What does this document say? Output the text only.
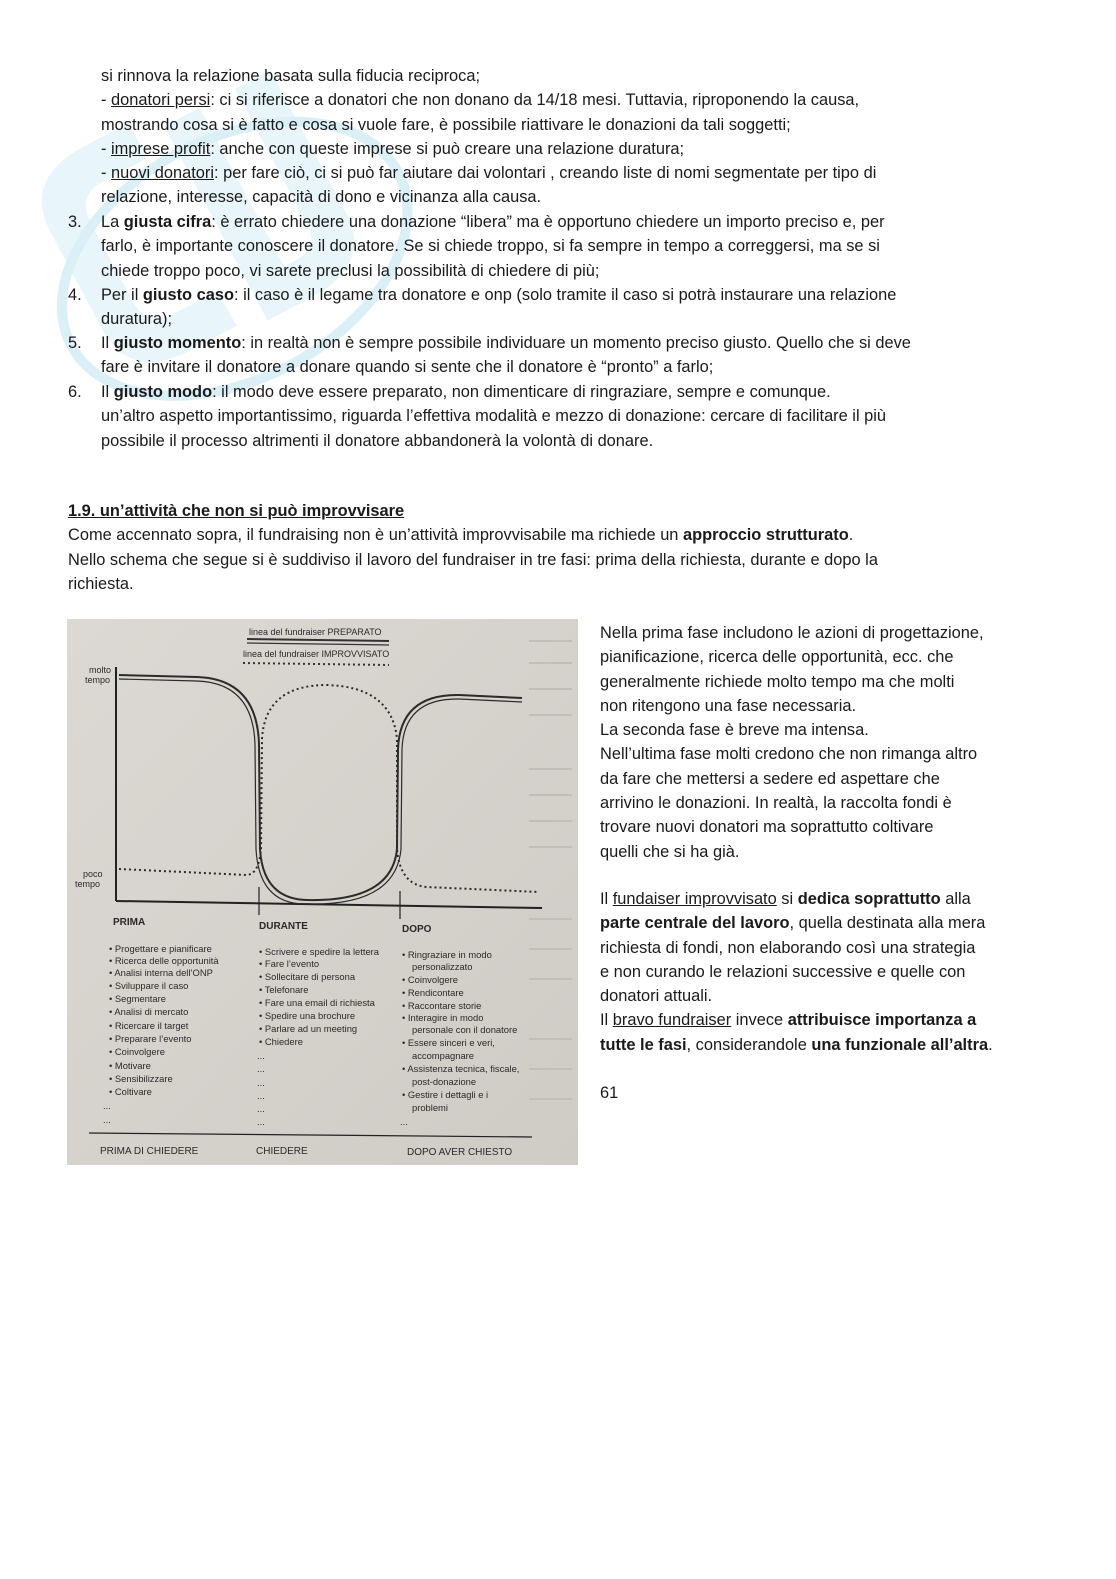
si rinnova la relazione basata sulla fiducia reciproca;
- donatori persi: ci si riferisce a donatori che non donano da 14/18 mesi. Tuttavia, riproponendo la causa,
mostrando cosa si è fatto e cosa si vuole fare, è possibile riattivare le donazioni da tali soggetti;
- imprese profit: anche con queste imprese si può creare una relazione duratura;
- nuovi donatori: per fare ciò, ci si può far aiutare dai volontari , creando liste di nomi segmentate per tipo di
relazione, interesse, capacità di dono e vicinanza alla causa.
3. La giusta cifra: è errato chiedere una donazione “libera” ma è opportuno chiedere un importo preciso e, per
farlo, è importante conoscere il donatore. Se si chiede troppo, si fa sempre in tempo a correggersi, ma se si
chiede troppo poco, vi sarete preclusi la possibilità di chiedere di più;
4. Per il giusto caso: il caso è il legame tra donatore e onp (solo tramite il caso si potrà instaurare una relazione
duratura);
5. Il giusto momento: in realtà non è sempre possibile individuare un momento preciso giusto. Quello che si deve
fare è invitare il donatore a donare quando si sente che il donatore è “pronto” a farlo;
6. Il giusto modo: il modo deve essere preparato, non dimenticare di ringraziare, sempre e comunque.
un’altro aspetto importantissimo, riguarda l’effettiva modalità e mezzo di donazione: cercare di facilitare il più
possibile il processo altrimenti il donatore abbandonerà la volontà di donare.
1.9. un’attività che non si può improvvisare
Come accennato sopra, il fundraising non è un’attività improvvisabile ma richiede un approccio strutturato.
Nello schema che segue si è suddiviso il lavoro del fundraiser in tre fasi: prima della richiesta, durante e dopo la
richiesta.
linea del fundraiser PREPARATO
linea del fundraiser IMPROVVISATO
molto
tempo
poco
tempo
PRIMA	DURANTE	DOPO
• Progettare e pianificare
• Ricerca delle opportunità
• Analisi interna dell’ONP
• Sviluppare il caso
• Segmentare
• Analisi di mercato
• Ricercare il target
• Preparare l’evento
• Coinvolgere
• Motivare
• Sensibilizzare
• Coltivare
...
...
• Scrivere e spedire la lettera
• Fare l’evento
• Sollecitare di persona
• Telefonare
• Fare una email di richiesta
• Spedire una brochure
• Parlare ad un meeting
• Chiedere
...
...
...
...
...
...
• Ringraziare in modo
personalizzato
• Coinvolgere
• Rendicontare
• Raccontare storie
• Interagire in modo
personale con il donatore
• Essere sinceri e veri,
accompagnare
• Assistenza tecnica, fiscale,
post-donazione
• Gestire i dettagli e i
problemi
...
PRIMA DI CHIEDERE	CHIEDERE	DOPO AVER CHIESTO
Nella prima fase includono le azioni di progettazione,
pianificazione, ricerca delle opportunità, ecc. che
generalmente richiede molto tempo ma che molti
non ritengono una fase necessaria.
La seconda fase è breve ma intensa.
Nell’ultima fase molti credono che non rimanga altro
da fare che mettersi a sedere ed aspettare che
arrivino le donazioni. In realtà, la raccolta fondi è
trovare nuovi donatori ma soprattutto coltivare
quelli che si ha già.
Il fundaiser improvvisato si dedica soprattutto alla
parte centrale del lavoro, quella destinata alla mera
richiesta di fondi, non elaborando così una strategia
e non curando le relazioni successive e quelle con
donatori attuali.
Il bravo fundraiser invece attribuisce importanza a
tutte le fasi, considerandole una funzionale all’altra.
61
